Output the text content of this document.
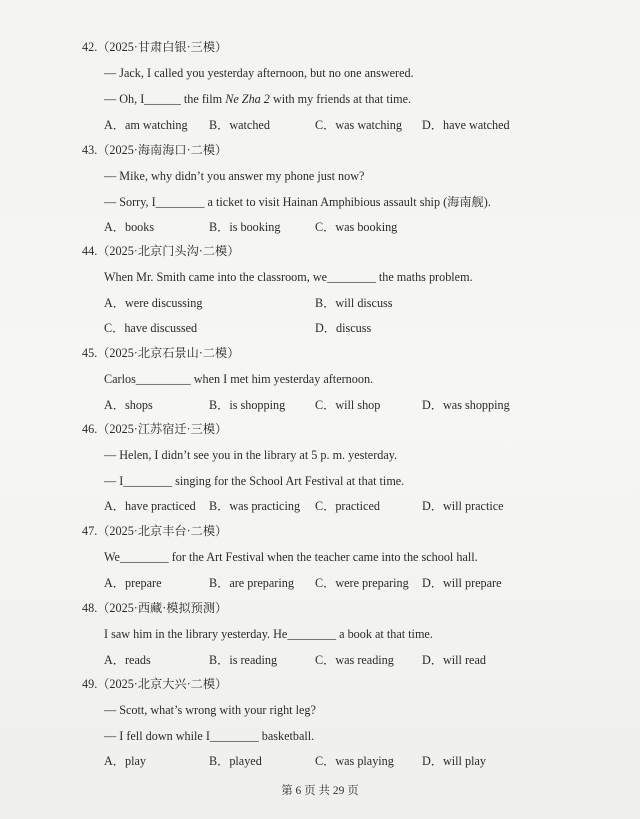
42.（2025·甘肃白银·三模）
— Jack, I called you yesterday afternoon, but no one answered.
— Oh, I______ the film Ne Zha 2 with my friends at that time.
A．am watching B．watched	C．was watching D．have watched
43.（2025·海南海口·二模）
— Mike, why didn’t you answer my phone just now?
— Sorry, I________ a ticket to visit Hainan Amphibious assault ship (海南舰).
A．books	B．is booking	C．was booking
44.（2025·北京门头沟·二模）
When Mr. Smith came into the classroom, we________ the maths problem.
A．were discussing	B．will discuss
C．have discussed	D．discuss
45.（2025·北京石景山·二模）
Carlos_________ when I met him yesterday afternoon.
A．shops	B．is shopping C．will shop	D．was shopping
46.（2025·江苏宿迁·三模）
— Helen, I didn’t see you in the library at 5 p. m. yesterday.
— I________ singing for the School Art Festival at that time.
A．have practiced B．was practicing C．practiced	D．will practice
47.（2025·北京丰台·二模）
We________ for the Art Festival when the teacher came into the school hall.
A．prepare	B．are preparing C．were preparing D．will prepare
48.（2025·西藏·模拟预测）
I saw him in the library yesterday. He________ a book at that time.
A．reads	B．is reading	C．was reading D．will read
49.（2025·北京大兴·二模）
— Scott, what’s wrong with your right leg?
— I fell down while I________ basketball.
A．play	B．played	C．was playing D．will play
第 6 页 共 29 页
